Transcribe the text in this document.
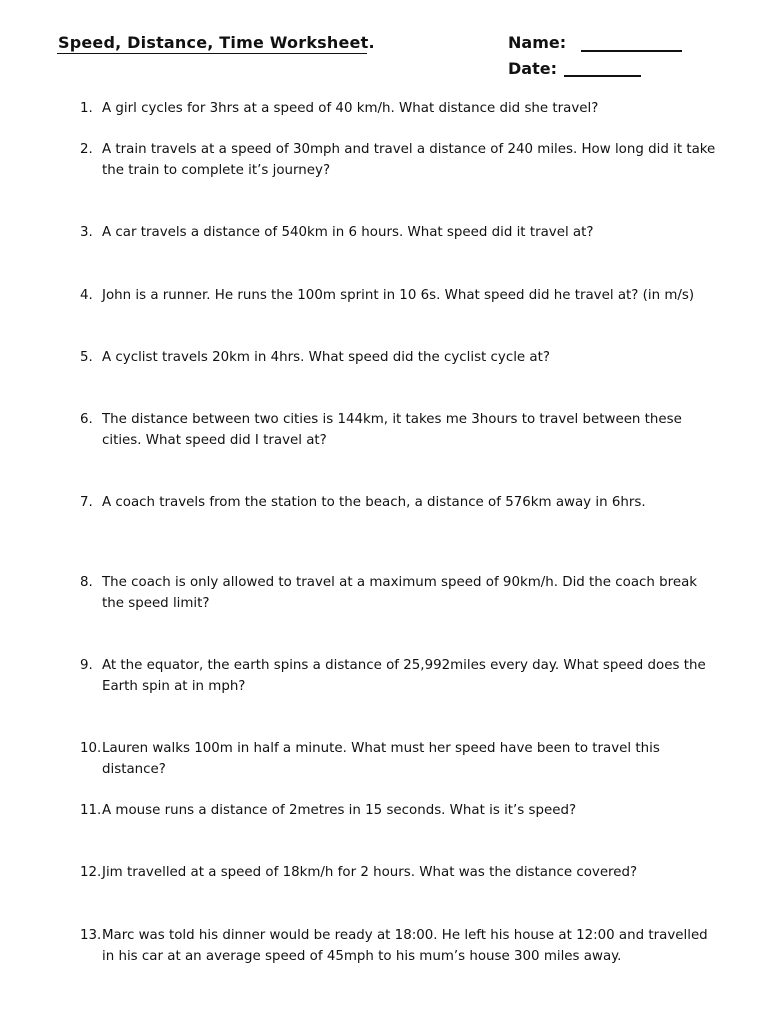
Speed, Distance, Time Worksheet.	Name:
Date:
1. A girl cycles for 3hrs at a speed of 40 km/h. What distance did she travel?
2. A train travels at a speed of 30mph and travel a distance of 240 miles. How long did it take the train to complete it’s journey?
3. A car travels a distance of 540km in 6 hours. What speed did it travel at?
4. John is a runner. He runs the 100m sprint in 10 6s. What speed did he travel at? (in m/s)
5. A cyclist travels 20km in 4hrs. What speed did the cyclist cycle at?
6. The distance between two cities is 144km, it takes me 3hours to travel between these cities. What speed did I travel at?
7. A coach travels from the station to the beach, a distance of 576km away in 6hrs.
8. The coach is only allowed to travel at a maximum speed of 90km/h. Did the coach break the speed limit?
9. At the equator, the earth spins a distance of 25,992miles every day. What speed does the Earth spin at in mph?
10. Lauren walks 100m in half a minute. What must her speed have been to travel this distance?
11. A mouse runs a distance of 2metres in 15 seconds. What is it’s speed?
12. Jim travelled at a speed of 18km/h for 2 hours. What was the distance covered?
13. Marc was told his dinner would be ready at 18:00. He left his house at 12:00 and travelled in his car at an average speed of 45mph to his mum’s house 300 miles away.
